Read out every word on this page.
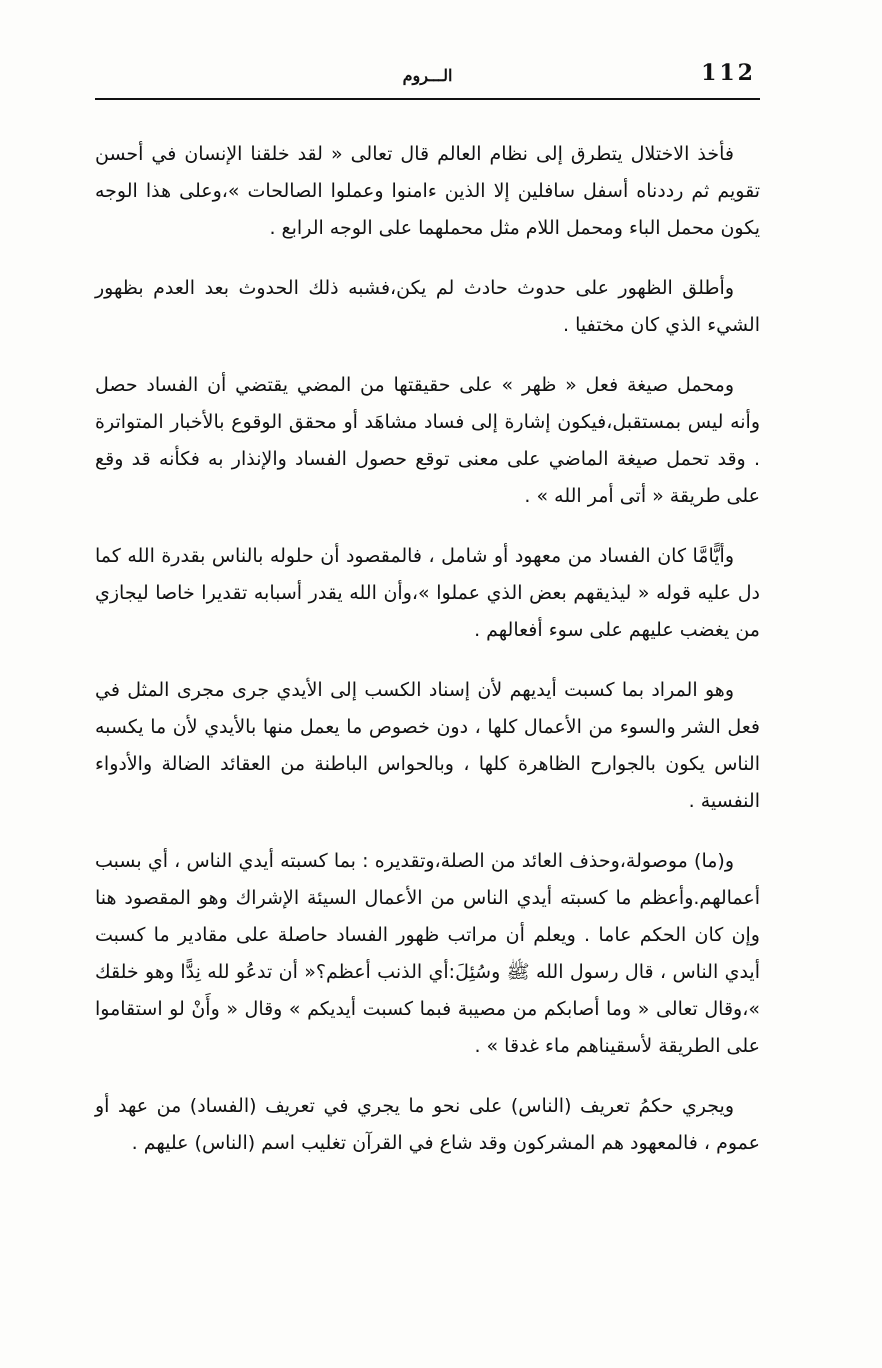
112
الـــروم

فأخذ الاختلال يتطرق إلى نظام العالم قال تعالى « لقد خلقنا الإنسان في أحسن تقويم ثم رددناه أسفل سافلين إلا الذين ءامنوا وعملوا الصالحات »،وعلى هذا الوجه يكون محمل الباء ومحمل اللام مثل محملهما على الوجه الرابع .

وأطلق الظهور على حدوث حادث لم يكن،فشبه ذلك الحدوث بعد العدم بظهور الشيء الذي كان مختفيا .

ومحمل صيغة فعل « ظهر » على حقيقتها من المضي يقتضي أن الفساد حصل وأنه ليس بمستقبل،فيكون إشارة إلى فساد مشاهَد أو محقق الوقوع بالأخبار المتواترة . وقد تحمل صيغة الماضي على معنى توقع حصول الفساد والإنذار به فكأنه قد وقع على طريقة « أتى أمر الله » .

وأيًّامَّا كان الفساد من معهود أو شامل ، فالمقصود أن حلوله بالناس بقدرة الله كما دل عليه قوله « ليذيقهم بعض الذي عملوا »،وأن الله يقدر أسبابه تقديرا خاصا ليجازي من يغضب عليهم على سوء أفعالهم .

وهو المراد بما كسبت أيديهم لأن إسناد الكسب إلى الأيدي جرى مجرى المثل في فعل الشر والسوء من الأعمال كلها ، دون خصوص ما يعمل منها بالأيدي لأن ما يكسبه الناس يكون بالجوارح الظاهرة كلها ، وبالحواس الباطنة من العقائد الضالة والأدواء النفسية .

و(ما) موصولة،وحذف العائد من الصلة،وتقديره : بما كسبته أيدي الناس ، أي بسبب أعمالهم.وأعظم ما كسبته أيدي الناس من الأعمال السيئة الإشراك وهو المقصود هنا وإن كان الحكم عاما . ويعلم أن مراتب ظهور الفساد حاصلة على مقادير ما كسبت أيدي الناس ، قال رسول الله ﷺ وسُئِلَ:أي الذنب أعظم؟« أن تدعُو لله نِدًّا وهو خلقك »،وقال تعالى « وما أصابكم من مصيبة فبما كسبت أيديكم » وقال « وأَنْ لو استقاموا على الطريقة لأسقيناهم ماء غدقا » .

ويجري حكمُ تعريف (الناس) على نحو ما يجري في تعريف (الفساد) من عهد أو عموم ، فالمعهود هم المشركون وقد شاع في القرآن تغليب اسم (الناس) عليهم .
